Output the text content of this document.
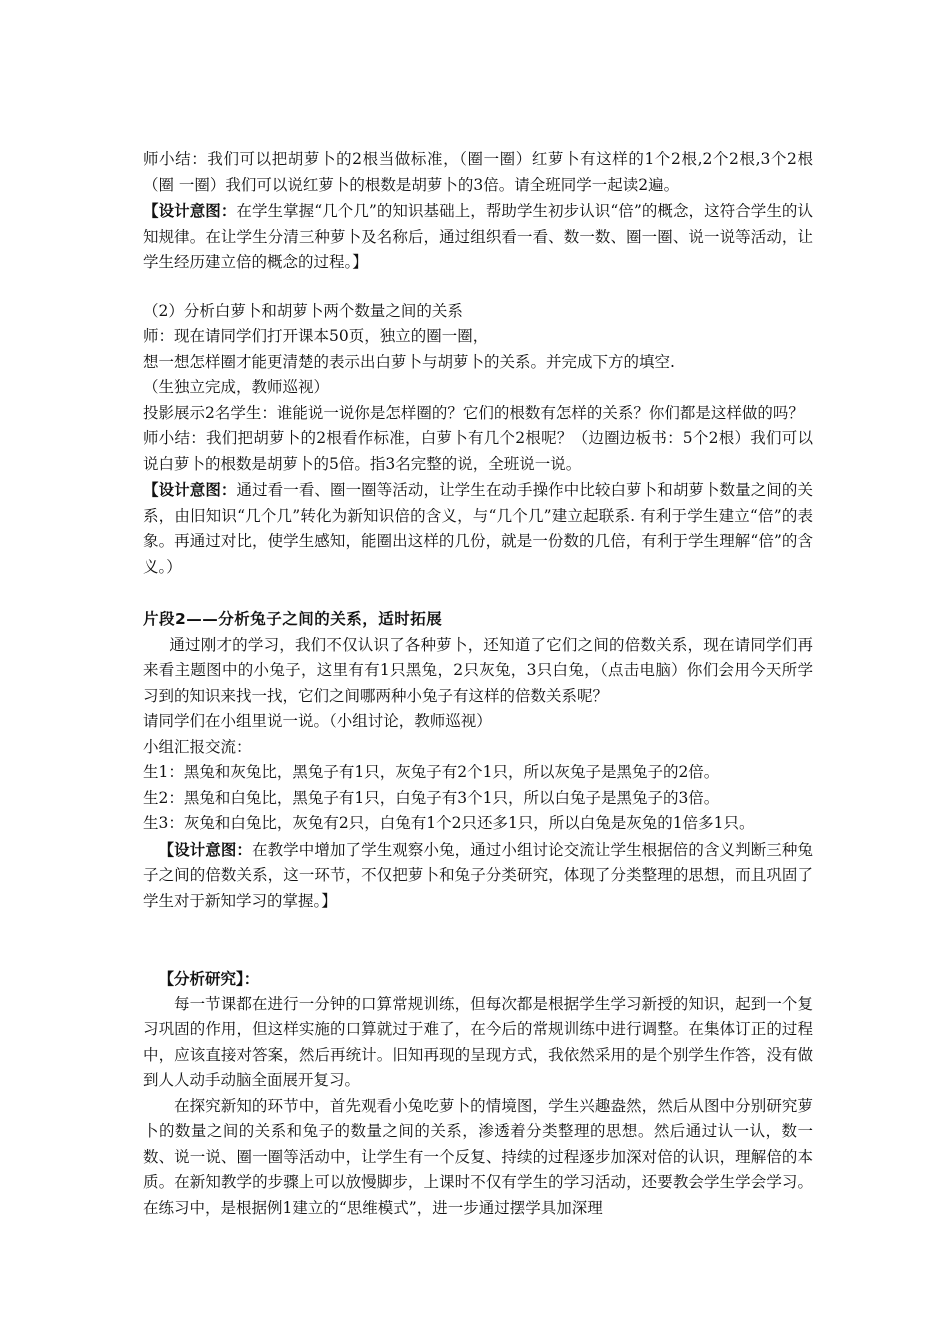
师小结：我们可以把胡萝卜的2根当做标准，（圈一圈）红萝卜有这样的1个2根,2个2根,3个2根（圈 一圈）我们可以说红萝卜的根数是胡萝卜的3倍。请全班同学一起读2遍。

【设计意图：在学生掌握“几个几”的知识基础上，帮助学生初步认识“倍”的概念，这符合学生的认知规律。在让学生分清三种萝卜及名称后，通过组织看一看、数一数、圈一圈、说一说等活动，让学生经历建立倍的概念的过程。】

（2）分析白萝卜和胡萝卜两个数量之间的关系

师：现在请同学们打开课本50页，独立的圈一圈，

想一想怎样圈才能更清楚的表示出白萝卜与胡萝卜的关系。并完成下方的填空.

（生独立完成，教师巡视）

投影展示2名学生：谁能说一说你是怎样圈的？它们的根数有怎样的关系？你们都是这样做的吗？

师小结：我们把胡萝卜的2根看作标准，白萝卜有几个2根呢？（边圈边板书：5个2根）我们可以说白萝卜的根数是胡萝卜的5倍。指3名完整的说，全班说一说。

【设计意图：通过看一看、圈一圈等活动，让学生在动手操作中比较白萝卜和胡萝卜数量之间的关系，由旧知识“几个几”转化为新知识倍的含义，与“几个几”建立起联系. 有利于学生建立“倍”的表象。再通过对比，使学生感知，能圈出这样的几份，就是一份数的几倍，有利于学生理解“倍”的含义。）

片段2——分析兔子之间的关系，适时拓展

通过刚才的学习，我们不仅认识了各种萝卜，还知道了它们之间的倍数关系，现在请同学们再来看主题图中的小兔子，这里有有1只黑兔，2只灰兔，3只白兔，（点击电脑）你们会用今天所学习到的知识来找一找，它们之间哪两种小兔子有这样的倍数关系呢？

请同学们在小组里说一说。（小组讨论，教师巡视）

小组汇报交流：

生1：黑兔和灰兔比，黑兔子有1只，灰兔子有2个1只，所以灰兔子是黑兔子的2倍。

生2：黑兔和白兔比，黑兔子有1只，白兔子有3个1只，所以白兔子是黑兔子的3倍。

生3：灰兔和白兔比，灰兔有2只，白兔有1个2只还多1只，所以白兔是灰兔的1倍多1只。

【设计意图：在教学中增加了学生观察小兔，通过小组讨论交流让学生根据倍的含义判断三种兔子之间的倍数关系，这一环节，不仅把萝卜和兔子分类研究，体现了分类整理的思想，而且巩固了学生对于新知学习的掌握。】

【分析研究】：

每一节课都在进行一分钟的口算常规训练，但每次都是根据学生学习新授的知识，起到一个复习巩固的作用，但这样实施的口算就过于难了，在今后的常规训练中进行调整。在集体订正的过程中，应该直接对答案，然后再统计。旧知再现的呈现方式，我依然采用的是个别学生作答，没有做到人人动手动脑全面展开复习。

在探究新知的环节中，首先观看小兔吃萝卜的情境图，学生兴趣盎然，然后从图中分别研究萝卜的数量之间的关系和兔子的数量之间的关系，渗透着分类整理的思想。然后通过认一认，数一数、说一说、圈一圈等活动中，让学生有一个反复、持续的过程逐步加深对倍的认识，理解倍的本质。在新知教学的步骤上可以放慢脚步，上课时不仅有学生的学习活动，还要教会学生学会学习。 在练习中，是根据例1建立的“思维模式”，进一步通过摆学具加深理
